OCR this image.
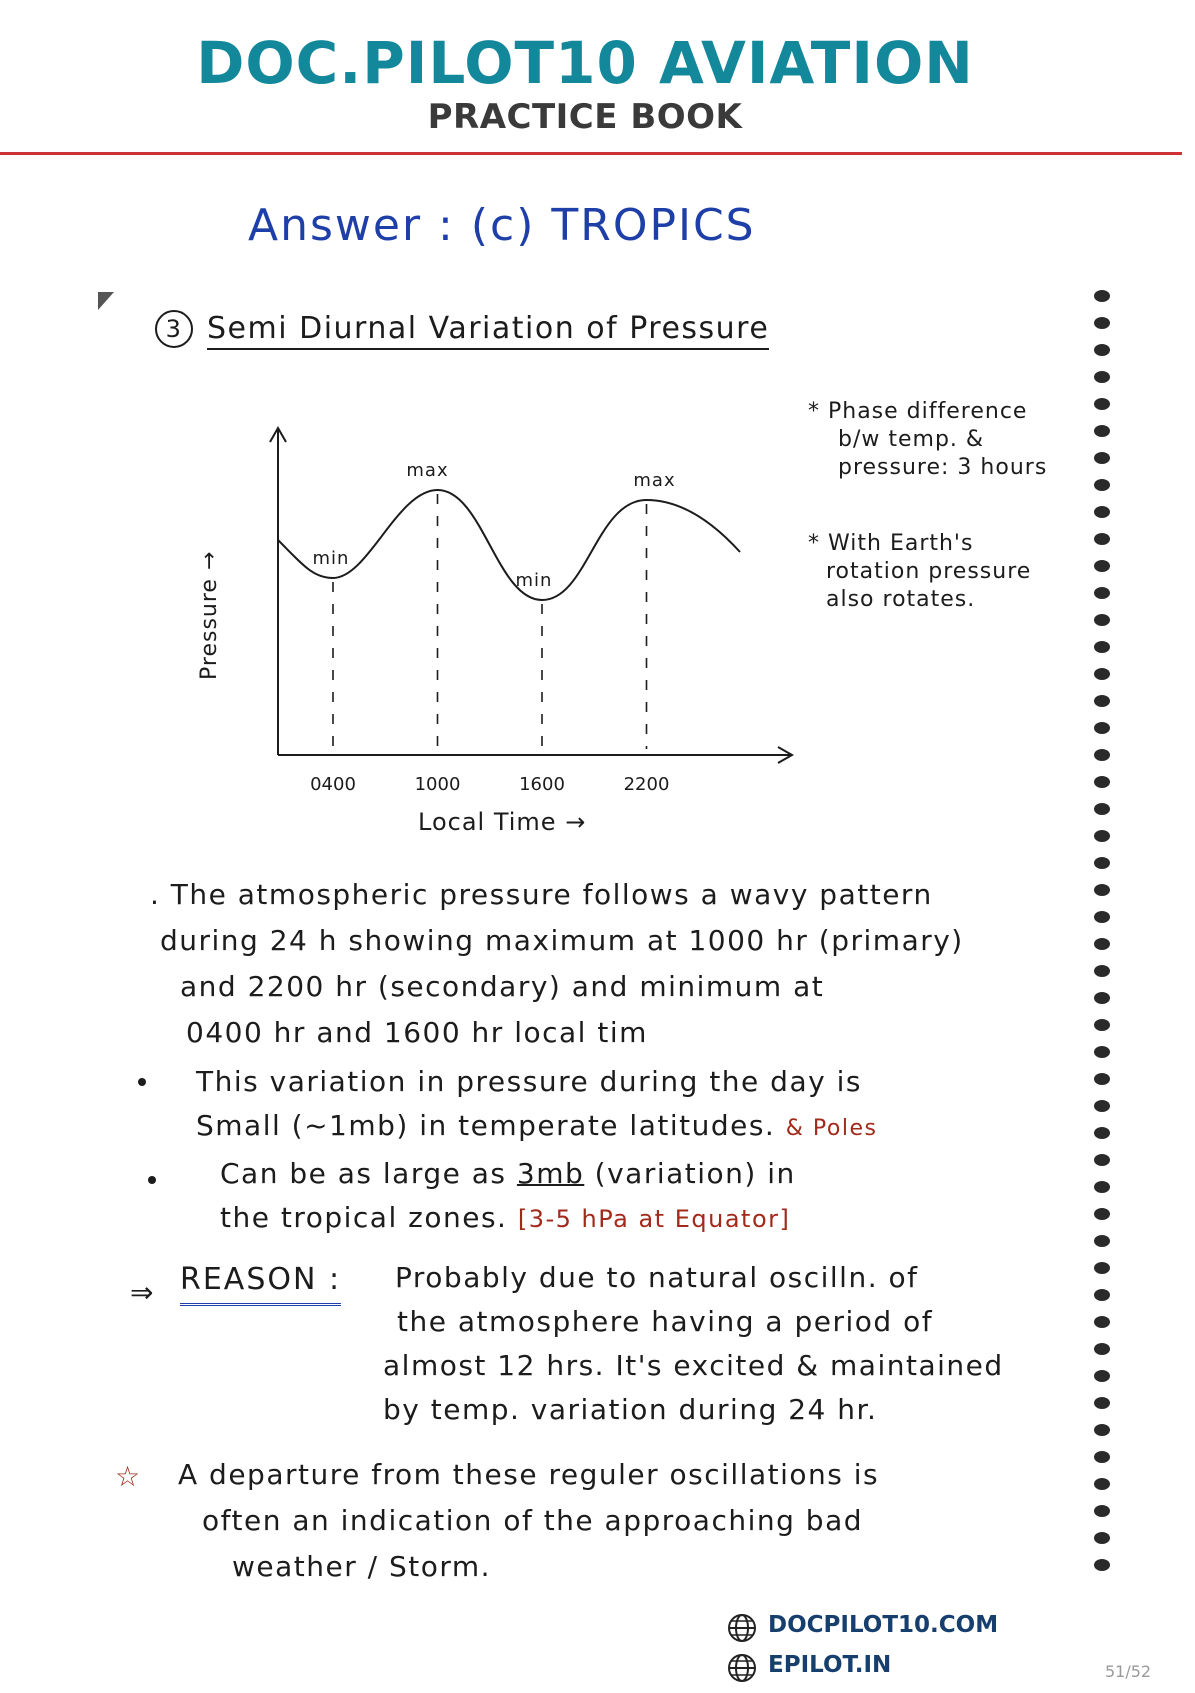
DOC.PILOT10 AVIATION
PRACTICE BOOK
Answer : (c) TROPICS
3 Semi Diurnal Variation of Pressure
Pressure →
Local Time →
0400	1000	1600	2200
min
max
min
max
* Phase difference
b/w temp. &
pressure: 3 hours
* With Earth's
rotation pressure
also rotates.
. The atmospheric pressure follows a wavy pattern
during 24 h showing maximum at 1000 hr (primary)
and 2200 hr (secondary) and minimum at
0400 hr and 1600 hr local tim
This variation in pressure during the day is
Small (~1mb) in temperate latitudes. & Poles
Can be as large as 3mb (variation) in
the tropical zones. [3-5 hPa at Equator]
⇒ REASON : Probably due to natural oscilln. of
the atmosphere having a period of
almost 12 hrs. It's excited & maintained
by temp. variation during 24 hr.
☆ A departure from these reguler oscillations is
often an indication of the approaching bad
weather / Storm.
DOCPILOT10.COM
EPILOT.IN	51/52
